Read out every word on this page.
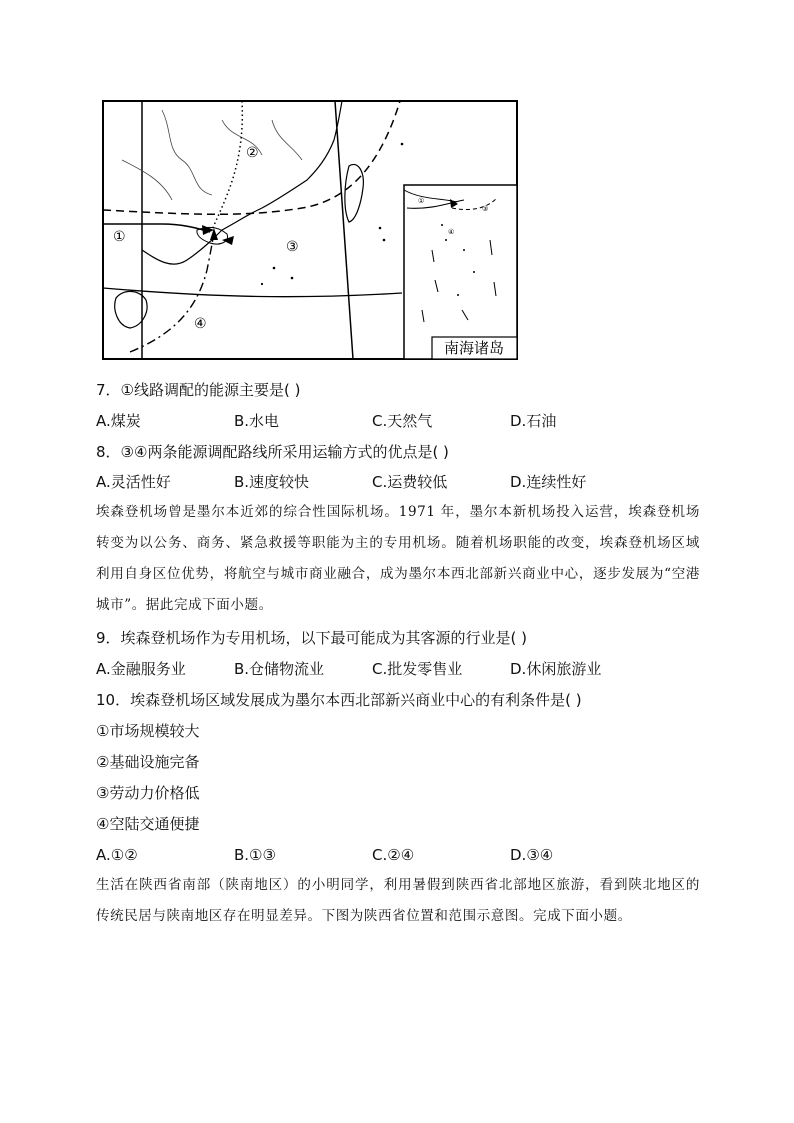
①
②
③
④
①
③
④
南海诸岛
7．①线路调配的能源主要是( )
A.煤炭	B.水电	C.天然气	D.石油
8．③④两条能源调配路线所采用运输方式的优点是( )
A.灵活性好	B.速度较快	C.运费较低	D.连续性好

埃森登机场曾是墨尔本近郊的综合性国际机场。1971 年，墨尔本新机场投入运营，埃森登机场转变为以公务、商务、紧急救援等职能为主的专用机场。随着机场职能的改变，埃森登机场区域利用自身区位优势，将航空与城市商业融合，成为墨尔本西北部新兴商业中心，逐步发展为“空港城市”。据此完成下面小题。

9．埃森登机场作为专用机场，以下最可能成为其客源的行业是( )
A.金融服务业	B.仓储物流业	C.批发零售业	D.休闲旅游业
10．埃森登机场区域发展成为墨尔本西北部新兴商业中心的有利条件是( )
①市场规模较大
②基础设施完备
③劳动力价格低
④空陆交通便捷
A.①②	B.①③	C.②④	D.③④

生活在陕西省南部（陕南地区）的小明同学，利用暑假到陕西省北部地区旅游，看到陕北地区的传统民居与陕南地区存在明显差异。下图为陕西省位置和范围示意图。完成下面小题。
